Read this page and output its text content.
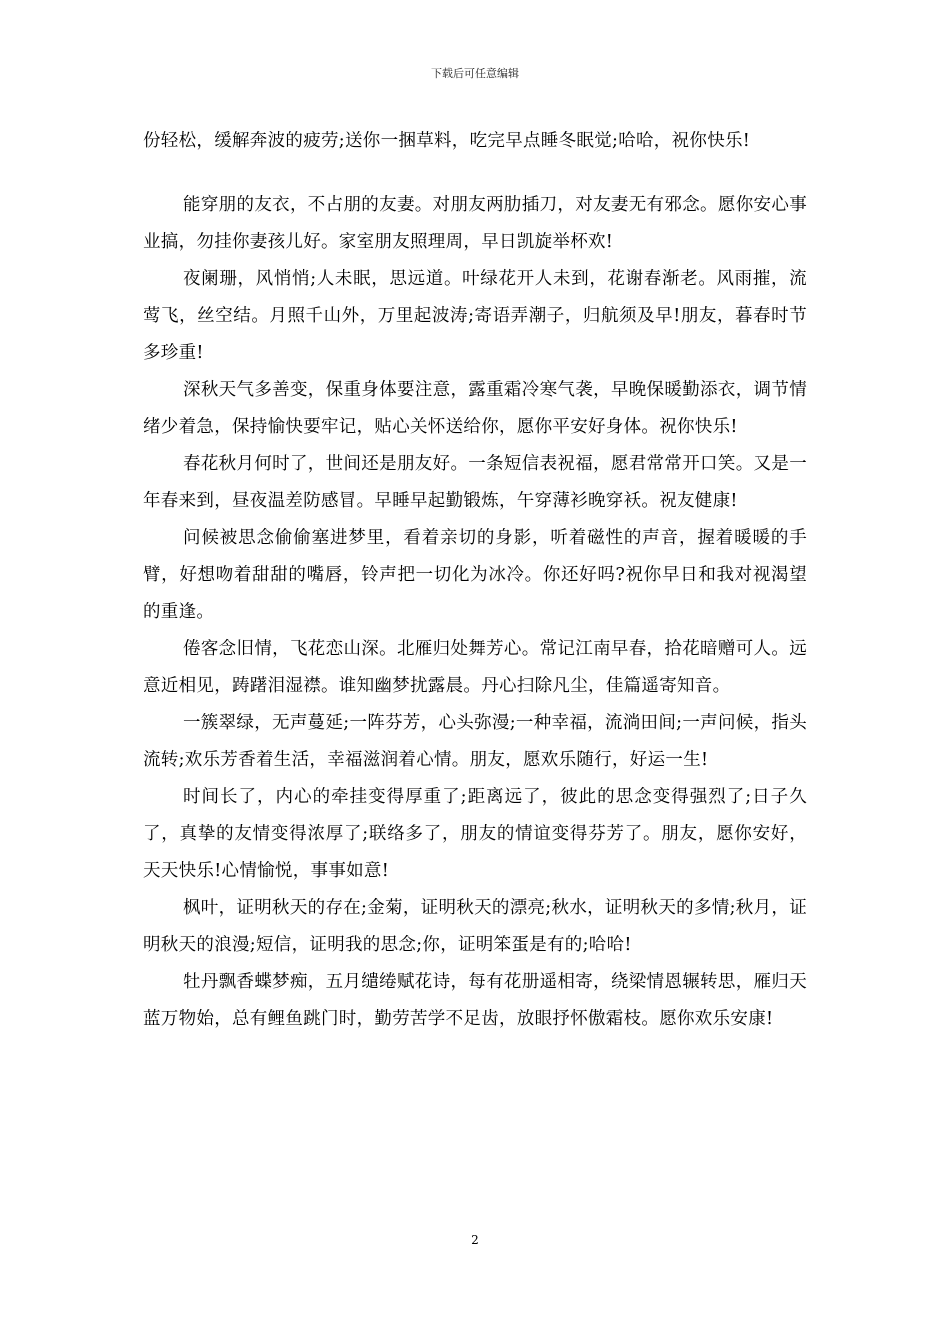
下载后可任意编辑

份轻松，缓解奔波的疲劳;送你一捆草料，吃完早点睡冬眠觉;哈哈，祝你快乐!

能穿朋的友衣，不占朋的友妻。对朋友两肋插刀，对友妻无有邪念。愿你安心事业搞，勿挂你妻孩儿好。家室朋友照理周，早日凯旋举杯欢!

夜阑珊，风悄悄;人未眠，思远道。叶绿花开人未到，花谢春渐老。风雨摧，流莺飞，丝空结。月照千山外，万里起波涛;寄语弄潮子，归航须及早!朋友，暮春时节多珍重!

深秋天气多善变，保重身体要注意，露重霜冷寒气袭，早晚保暖勤添衣，调节情绪少着急，保持愉快要牢记，贴心关怀送给你，愿你平安好身体。祝你快乐!

春花秋月何时了，世间还是朋友好。一条短信表祝福，愿君常常开口笑。又是一年春来到，昼夜温差防感冒。早睡早起勤锻炼，午穿薄衫晚穿袄。祝友健康!

问候被思念偷偷塞进梦里，看着亲切的身影，听着磁性的声音，握着暖暖的手臂，好想吻着甜甜的嘴唇，铃声把一切化为冰冷。你还好吗?祝你早日和我对视渴望的重逢。

倦客念旧情，飞花恋山深。北雁归处舞芳心。常记江南早春，拾花暗赠可人。远意近相见，踌躇泪湿襟。谁知幽梦扰露晨。丹心扫除凡尘，佳篇遥寄知音。

一簇翠绿，无声蔓延;一阵芬芳，心头弥漫;一种幸福，流淌田间;一声问候，指头流转;欢乐芳香着生活，幸福滋润着心情。朋友，愿欢乐随行，好运一生!

时间长了，内心的牵挂变得厚重了;距离远了，彼此的思念变得强烈了;日子久了，真挚的友情变得浓厚了;联络多了，朋友的情谊变得芬芳了。朋友，愿你安好，天天快乐!心情愉悦，事事如意!

枫叶，证明秋天的存在;金菊，证明秋天的漂亮;秋水，证明秋天的多情;秋月，证明秋天的浪漫;短信，证明我的思念;你，证明笨蛋是有的;哈哈!

牡丹飘香蝶梦痴，五月缱绻赋花诗，每有花册遥相寄，绕梁情恩辗转思，雁归天蓝万物始，总有鲤鱼跳门时，勤劳苦学不足齿，放眼抒怀傲霜枝。愿你欢乐安康!

2
